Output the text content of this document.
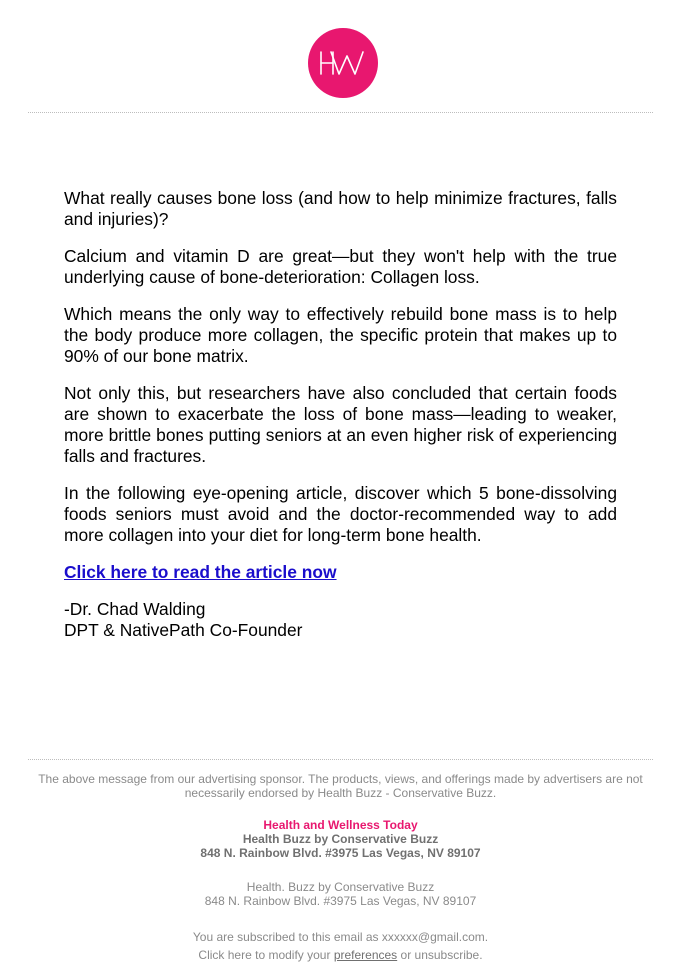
What really causes bone loss (and how to help minimize fractures, falls and injuries)?

Calcium and vitamin D are great—but they won't help with the true underlying cause of bone-deterioration: Collagen loss.

Which means the only way to effectively rebuild bone mass is to help the body produce more collagen, the specific protein that makes up to 90% of our bone matrix.

Not only this, but researchers have also concluded that certain foods are shown to exacerbate the loss of bone mass—leading to weaker, more brittle bones putting seniors at an even higher risk of experiencing falls and fractures.

In the following eye-opening article, discover which 5 bone-dissolving foods seniors must avoid and the doctor-recommended way to add more collagen into your diet for long-term bone health.

Click here to read the article now

-Dr. Chad Walding
DPT & NativePath Co-Founder

The above message from our advertising sponsor. The products, views, and offerings made by advertisers are not necessarily endorsed by Health Buzz - Conservative Buzz.

Health and Wellness Today
Health Buzz by Conservative Buzz
848 N. Rainbow Blvd. #3975 Las Vegas, NV 89107

Health. Buzz by Conservative Buzz
848 N. Rainbow Blvd. #3975 Las Vegas, NV 89107

You are subscribed to this email as xxxxxx@gmail.com.

Click here to modify your preferences or unsubscribe.
